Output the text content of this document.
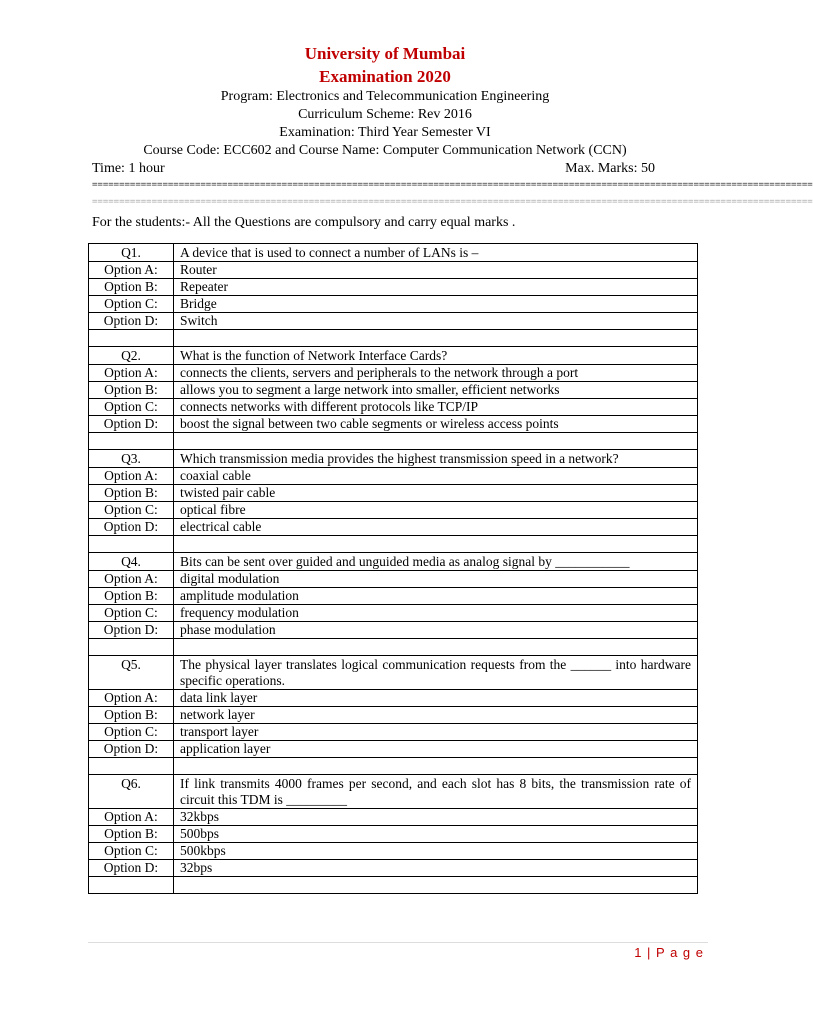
University of Mumbai
Examination 2020
Program: Electronics and Telecommunication Engineering
Curriculum Scheme: Rev 2016
Examination: Third Year Semester VI
Course Code: ECC602 and Course Name: Computer Communication Network (CCN)
Time: 1 hour	Max. Marks: 50
=====================================================================================================================================
=====================================================================================================================================
For the students:- All the Questions are compulsory and carry equal marks .
Q1.	A device that is used to connect a number of LANs is –
Option A:	Router
Option B:	Repeater
Option C:	Bridge
Option D:	Switch

Q2.	What is the function of Network Interface Cards?
Option A:	connects the clients, servers and peripherals to the network through a port
Option B:	allows you to segment a large network into smaller, efficient networks
Option C:	connects networks with different protocols like TCP/IP
Option D:	boost the signal between two cable segments or wireless access points

Q3.	Which transmission media provides the highest transmission speed in a network?
Option A:	coaxial cable
Option B:	twisted pair cable
Option C:	optical fibre
Option D:	electrical cable

Q4.	Bits can be sent over guided and unguided media as analog signal by ___________
Option A:	digital modulation
Option B:	amplitude modulation
Option C:	frequency modulation
Option D:	phase modulation

Q5.	The physical layer translates logical communication requests from the ______ into hardware specific operations.
Option A:	data link layer
Option B:	network layer
Option C:	transport layer
Option D:	application layer

Q6.	If link transmits 4000 frames per second, and each slot has 8 bits, the transmission rate of circuit this TDM is _________
Option A:	32kbps
Option B:	500bps
Option C:	500kbps
Option D:	32bps

1 | P a g e
